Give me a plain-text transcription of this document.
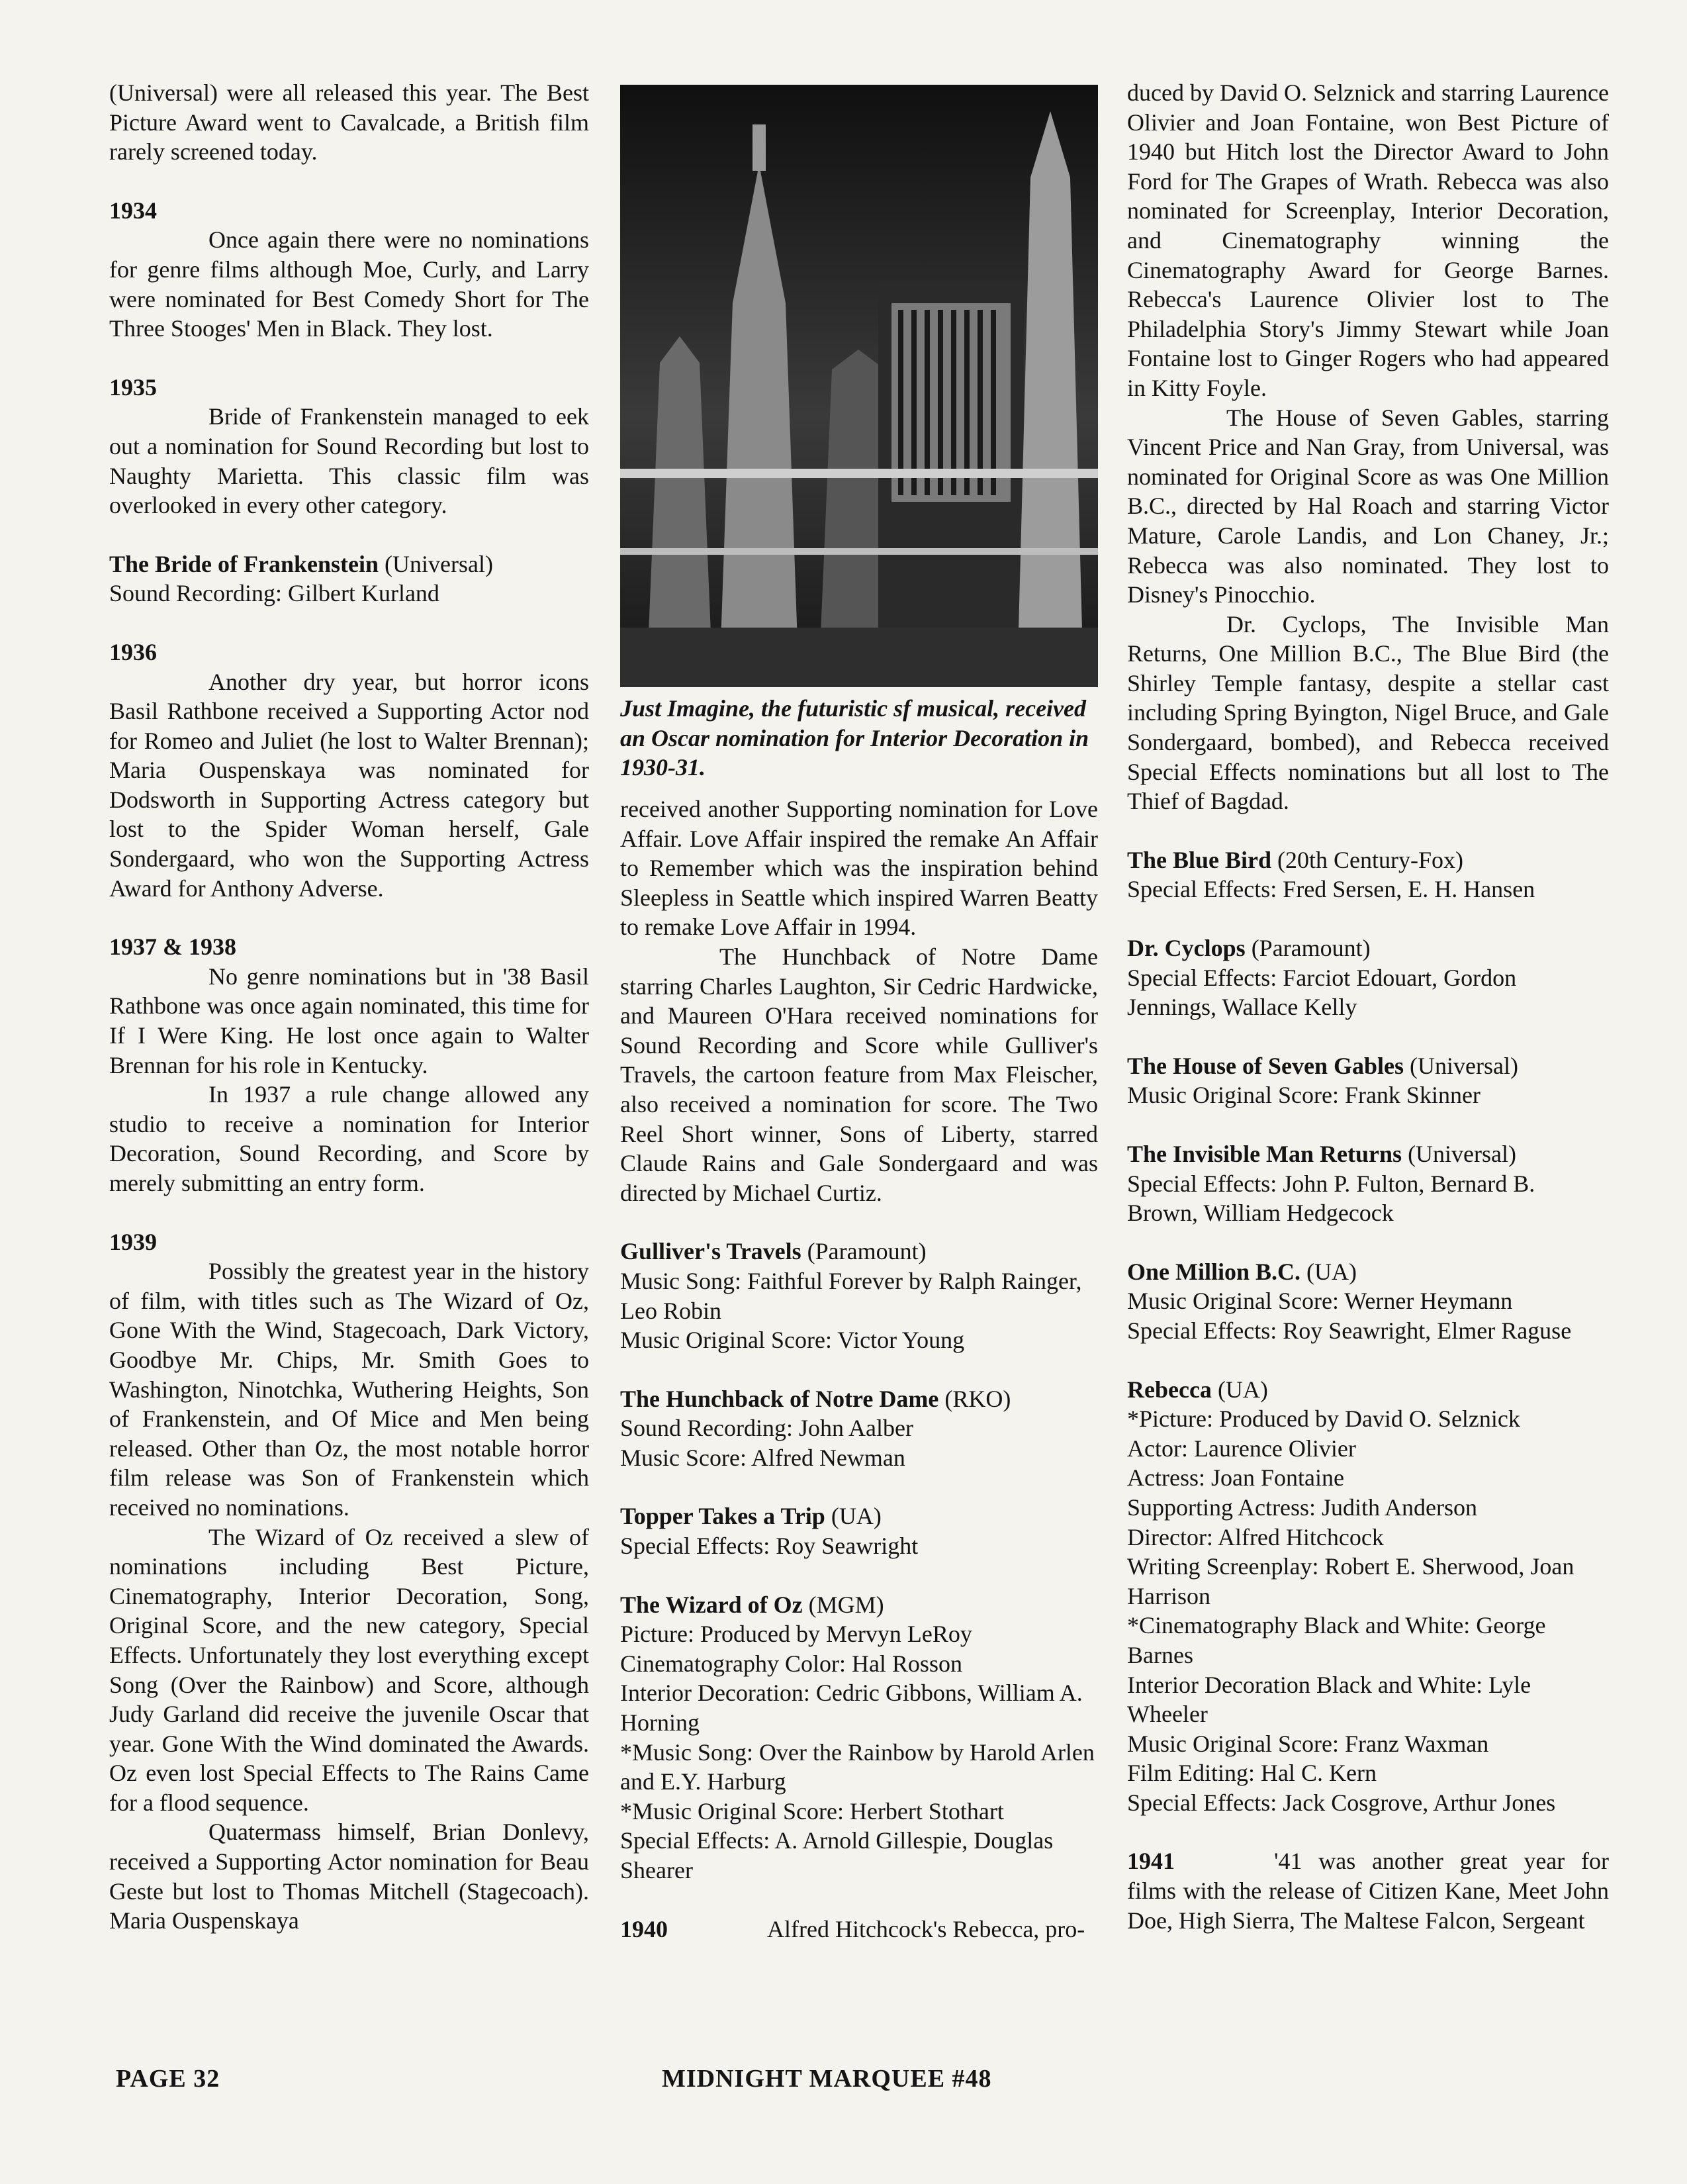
(Universal) were all released this year. The Best Picture Award went to Cavalcade, a British film rarely screened today.

1934

Once again there were no nominations for genre films although Moe, Curly, and Larry were nominated for Best Comedy Short for The Three Stooges' Men in Black. They lost.

1935

Bride of Frankenstein managed to eek out a nomination for Sound Recording but lost to Naughty Marietta. This classic film was overlooked in every other category.

The Bride of Frankenstein (Universal)

Sound Recording: Gilbert Kurland

1936

Another dry year, but horror icons Basil Rathbone received a Supporting Actor nod for Romeo and Juliet (he lost to Walter Brennan); Maria Ouspenskaya was nominated for Dodsworth in Supporting Actress category but lost to the Spider Woman herself, Gale Sondergaard, who won the Supporting Actress Award for Anthony Adverse.

1937 & 1938

No genre nominations but in '38 Basil Rathbone was once again nominated, this time for If I Were King. He lost once again to Walter Brennan for his role in Kentucky.

In 1937 a rule change allowed any studio to receive a nomination for Interior Decoration, Sound Recording, and Score by merely submitting an entry form.

1939

Possibly the greatest year in the history of film, with titles such as The Wizard of Oz, Gone With the Wind, Stagecoach, Dark Victory, Goodbye Mr. Chips, Mr. Smith Goes to Washington, Ninotchka, Wuthering Heights, Son of Frankenstein, and Of Mice and Men being released. Other than Oz, the most notable horror film release was Son of Frankenstein which received no nominations.

The Wizard of Oz received a slew of nominations including Best Picture, Cinematography, Interior Decoration, Song, Original Score, and the new category, Special Effects. Unfortunately they lost everything except Song (Over the Rainbow) and Score, although Judy Garland did receive the juvenile Oscar that year. Gone With the Wind dominated the Awards. Oz even lost Special Effects to The Rains Came for a flood sequence.

Quatermass himself, Brian Donlevy, received a Supporting Actor nomination for Beau Geste but lost to Thomas Mitchell (Stagecoach). Maria Ouspenskaya

Just Imagine, the futuristic sf musical, received an Oscar nomination for Interior Decoration in 1930-31.

received another Supporting nomination for Love Affair. Love Affair inspired the remake An Affair to Remember which was the inspiration behind Sleepless in Seattle which inspired Warren Beatty to remake Love Affair in 1994.

The Hunchback of Notre Dame starring Charles Laughton, Sir Cedric Hardwicke, and Maureen O'Hara received nominations for Sound Recording and Score while Gulliver's Travels, the cartoon feature from Max Fleischer, also received a nomination for score. The Two Reel Short winner, Sons of Liberty, starred Claude Rains and Gale Sondergaard and was directed by Michael Curtiz.

Gulliver's Travels (Paramount)

Music Song: Faithful Forever by Ralph Rainger, Leo Robin

Music Original Score: Victor Young

The Hunchback of Notre Dame (RKO)

Sound Recording: John Aalber

Music Score: Alfred Newman

Topper Takes a Trip (UA)

Special Effects: Roy Seawright

The Wizard of Oz (MGM)

Picture: Produced by Mervyn LeRoy

Cinematography Color: Hal Rosson

Interior Decoration: Cedric Gibbons, William A. Horning

*Music Song: Over the Rainbow by Harold Arlen and E.Y. Harburg

*Music Original Score: Herbert Stothart

Special Effects: A. Arnold Gillespie, Douglas Shearer

1940	Alfred Hitchcock's Rebecca, pro-

duced by David O. Selznick and starring Laurence Olivier and Joan Fontaine, won Best Picture of 1940 but Hitch lost the Director Award to John Ford for The Grapes of Wrath. Rebecca was also nominated for Screenplay, Interior Decoration, and Cinematography winning the Cinematography Award for George Barnes. Rebecca's Laurence Olivier lost to The Philadelphia Story's Jimmy Stewart while Joan Fontaine lost to Ginger Rogers who had appeared in Kitty Foyle.

The House of Seven Gables, starring Vincent Price and Nan Gray, from Universal, was nominated for Original Score as was One Million B.C., directed by Hal Roach and starring Victor Mature, Carole Landis, and Lon Chaney, Jr.; Rebecca was also nominated. They lost to Disney's Pinocchio.

Dr. Cyclops, The Invisible Man Returns, One Million B.C., The Blue Bird (the Shirley Temple fantasy, despite a stellar cast including Spring Byington, Nigel Bruce, and Gale Sondergaard, bombed), and Rebecca received Special Effects nominations but all lost to The Thief of Bagdad.

The Blue Bird (20th Century-Fox)

Special Effects: Fred Sersen, E. H. Hansen

Dr. Cyclops (Paramount)

Special Effects: Farciot Edouart, Gordon Jennings, Wallace Kelly

The House of Seven Gables (Universal)

Music Original Score: Frank Skinner

The Invisible Man Returns (Universal)

Special Effects: John P. Fulton, Bernard B. Brown, William Hedgecock

One Million B.C. (UA)

Music Original Score: Werner Heymann

Special Effects: Roy Seawright, Elmer Raguse

Rebecca (UA)

*Picture: Produced by David O. Selznick

Actor: Laurence Olivier

Actress: Joan Fontaine

Supporting Actress: Judith Anderson

Director: Alfred Hitchcock

Writing Screenplay: Robert E. Sherwood, Joan Harrison

*Cinematography Black and White: George Barnes

Interior Decoration Black and White: Lyle Wheeler

Music Original Score: Franz Waxman

Film Editing: Hal C. Kern

Special Effects: Jack Cosgrove, Arthur Jones

1941	'41 was another great year for films with the release of Citizen Kane, Meet John Doe, High Sierra, The Maltese Falcon, Sergeant

PAGE 32	MIDNIGHT MARQUEE #48
